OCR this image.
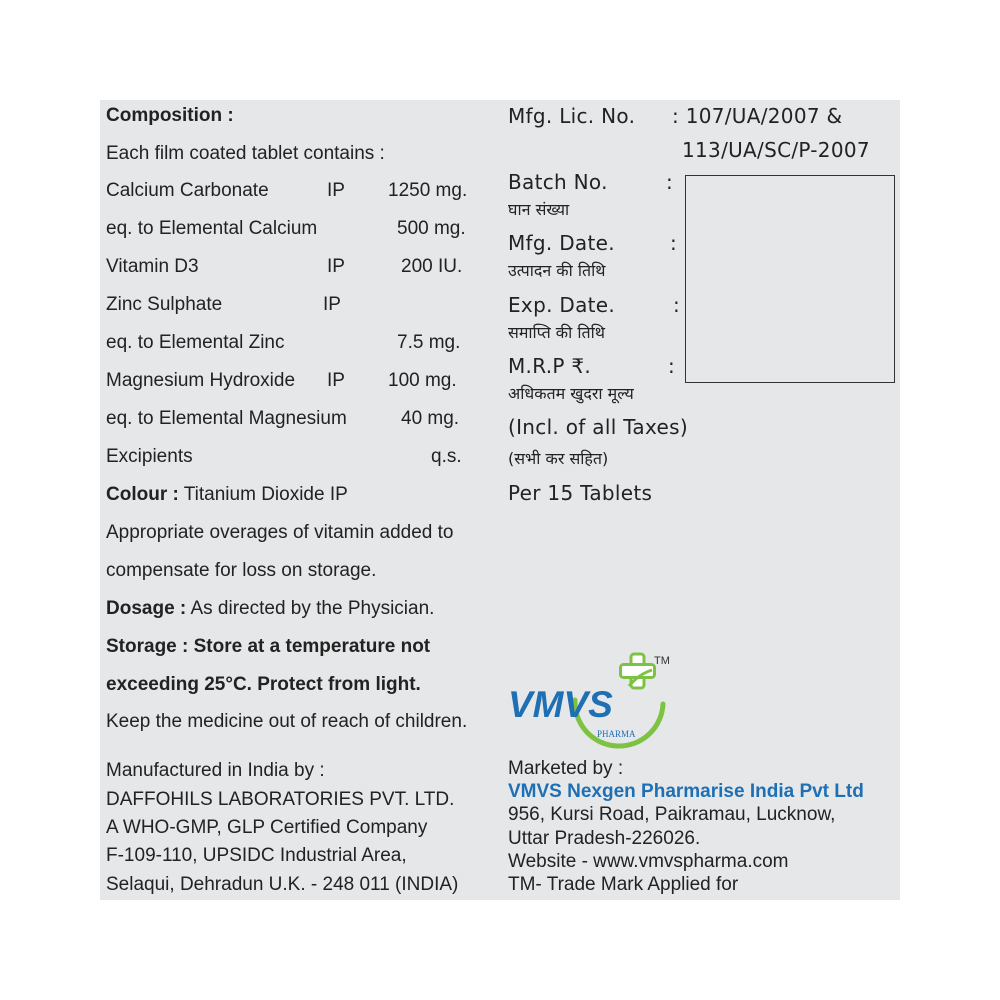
Composition :
Each film coated tablet contains :
Calcium Carbonate	IP 1250 mg.
eq. to Elemental Calcium	500 mg.
Vitamin D3	IP	200 IU.
Zinc Sulphate	IP
eq. to Elemental Zinc	7.5 mg.
Magnesium Hydroxide IP 100 mg.
eq. to Elemental Magnesium	40 mg.
Excipients	q.s.
Colour : Titanium Dioxide IP
Appropriate overages of vitamin added to
compensate for loss on storage.
Dosage : As directed by the Physician.
Storage : Store at a temperature not
exceeding 25°C. Protect from light.
Keep the medicine out of reach of children.
Manufactured in India by :
DAFFOHILS LABORATORIES PVT. LTD.
A WHO-GMP, GLP Certified Company
F-109-110, UPSIDC Industrial Area,
Selaqui, Dehradun U.K. - 248 011 (INDIA)
Mfg. Lic. No. : 107/UA/2007 &
113/UA/SC/P-2007
Batch No.	:
घान संख्या
Mfg. Date.	:
उत्पादन की तिथि
Exp. Date.	:
समाप्ति की तिथि
M.R.P ₹.	:
अधिकतम खुदरा मूल्य
(Incl. of all Taxes)
(सभी कर सहित)
Per 15 Tablets
VMVS
PHARMA
TM
Marketed by :
VMVS Nexgen Pharmarise India Pvt Ltd
956, Kursi Road, Paikramau, Lucknow,
Uttar Pradesh-226026.
Website - www.vmvspharma.com
TM- Trade Mark Applied for
